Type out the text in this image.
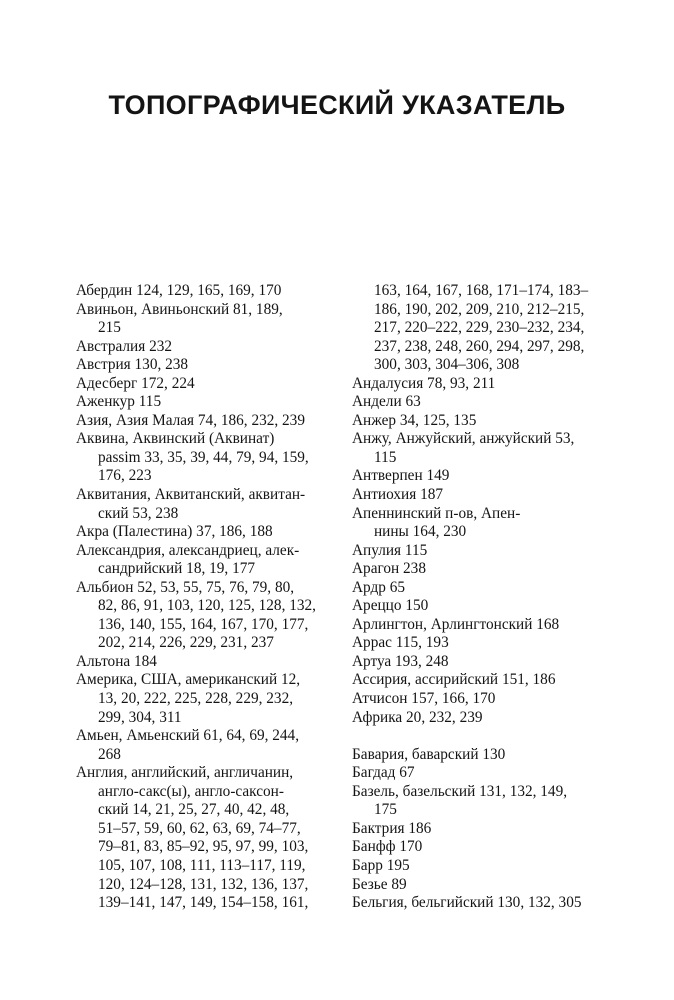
ТОПОГРАФИЧЕСКИЙ УКАЗАТЕЛЬ
Абердин 124, 129, 165, 169, 170
Авиньон, Авиньонский 81, 189,
215
Австралия 232
Австрия 130, 238
Адесберг 172, 224
Аженкур 115
Азия, Азия Малая 74, 186, 232, 239
Аквина, Аквинский (Аквинат)
passim 33, 35, 39, 44, 79, 94, 159,
176, 223
Аквитания, Аквитанский, аквитан-
ский 53, 238
Акра (Палестина) 37, 186, 188
Александрия, александриец, алек-
сандрийский 18, 19, 177
Альбион 52, 53, 55, 75, 76, 79, 80,
82, 86, 91, 103, 120, 125, 128, 132,
136, 140, 155, 164, 167, 170, 177,
202, 214, 226, 229, 231, 237
Альтона 184
Америка, США, американский 12,
13, 20, 222, 225, 228, 229, 232,
299, 304, 311
Амьен, Амьенский 61, 64, 69, 244,
268
Англия, английский, англичанин,
англо-сакс(ы), англо-саксон-
ский 14, 21, 25, 27, 40, 42, 48,
51–57, 59, 60, 62, 63, 69, 74–77,
79–81, 83, 85–92, 95, 97, 99, 103,
105, 107, 108, 111, 113–117, 119,
120, 124–128, 131, 132, 136, 137,
139–141, 147, 149, 154–158, 161,
163, 164, 167, 168, 171–174, 183–
186, 190, 202, 209, 210, 212–215,
217, 220–222, 229, 230–232, 234,
237, 238, 248, 260, 294, 297, 298,
300, 303, 304–306, 308
Андалусия 78, 93, 211
Андели 63
Анжер 34, 125, 135
Анжу, Анжуйский, анжуйский 53,
115
Антверпен 149
Антиохия 187
Апеннинский п-ов, Апен-
нины 164, 230
Апулия 115
Арагон 238
Ардр 65
Арeццо 150
Арлингтон, Арлингтонский 168
Аррас 115, 193
Артуа 193, 248
Ассирия, ассирийский 151, 186
Атчисон 157, 166, 170
Африка 20, 232, 239
Бавария, баварский 130
Багдад 67
Базель, базельский 131, 132, 149,
175
Бактрия 186
Банфф 170
Барр 195
Безье 89
Бельгия, бельгийский 130, 132, 305
